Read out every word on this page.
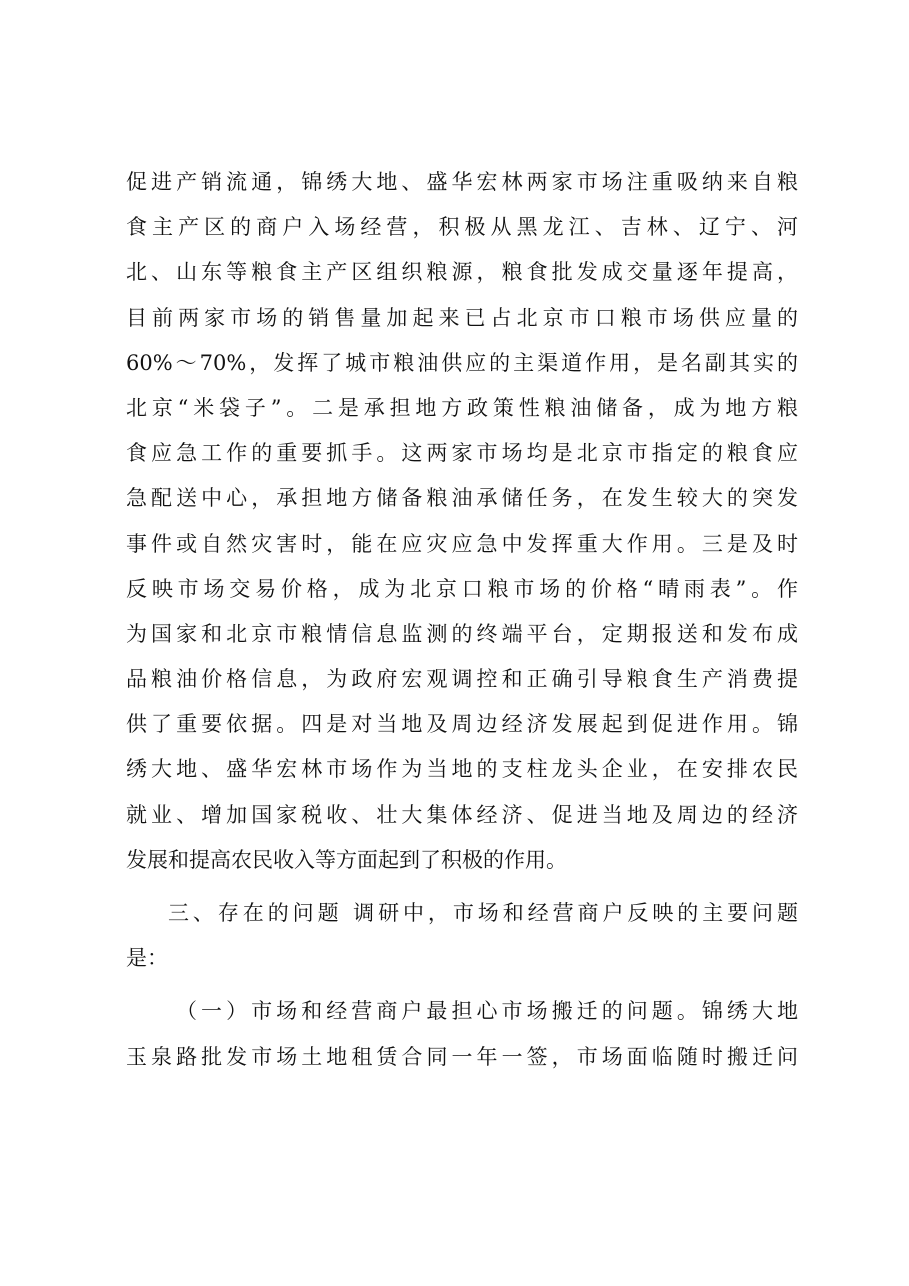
促进产销流通，锦绣大地、盛华宏林两家市场注重吸纳来自粮
食主产区的商户入场经营，积极从黑龙江、吉林、辽宁、河
北、山东等粮食主产区组织粮源，粮食批发成交量逐年提高，
目前两家市场的销售量加起来已占北京市口粮市场供应量的
60%～70%，发挥了城市粮油供应的主渠道作用，是名副其实的
北京“米袋子”。二是承担地方政策性粮油储备，成为地方粮
食应急工作的重要抓手。这两家市场均是北京市指定的粮食应
急配送中心，承担地方储备粮油承储任务，在发生较大的突发
事件或自然灾害时，能在应灾应急中发挥重大作用。三是及时
反映市场交易价格，成为北京口粮市场的价格“晴雨表”。作
为国家和北京市粮情信息监测的终端平台，定期报送和发布成
品粮油价格信息，为政府宏观调控和正确引导粮食生产消费提
供了重要依据。四是对当地及周边经济发展起到促进作用。锦
绣大地、盛华宏林市场作为当地的支柱龙头企业，在安排农民
就业、增加国家税收、壮大集体经济、促进当地及周边的经济
发展和提高农民收入等方面起到了积极的作用。
三、存在的问题 调研中，市场和经营商户反映的主要问题
是：
（一）市场和经营商户最担心市场搬迁的问题。锦绣大地
玉泉路批发市场土地租赁合同一年一签，市场面临随时搬迁问
